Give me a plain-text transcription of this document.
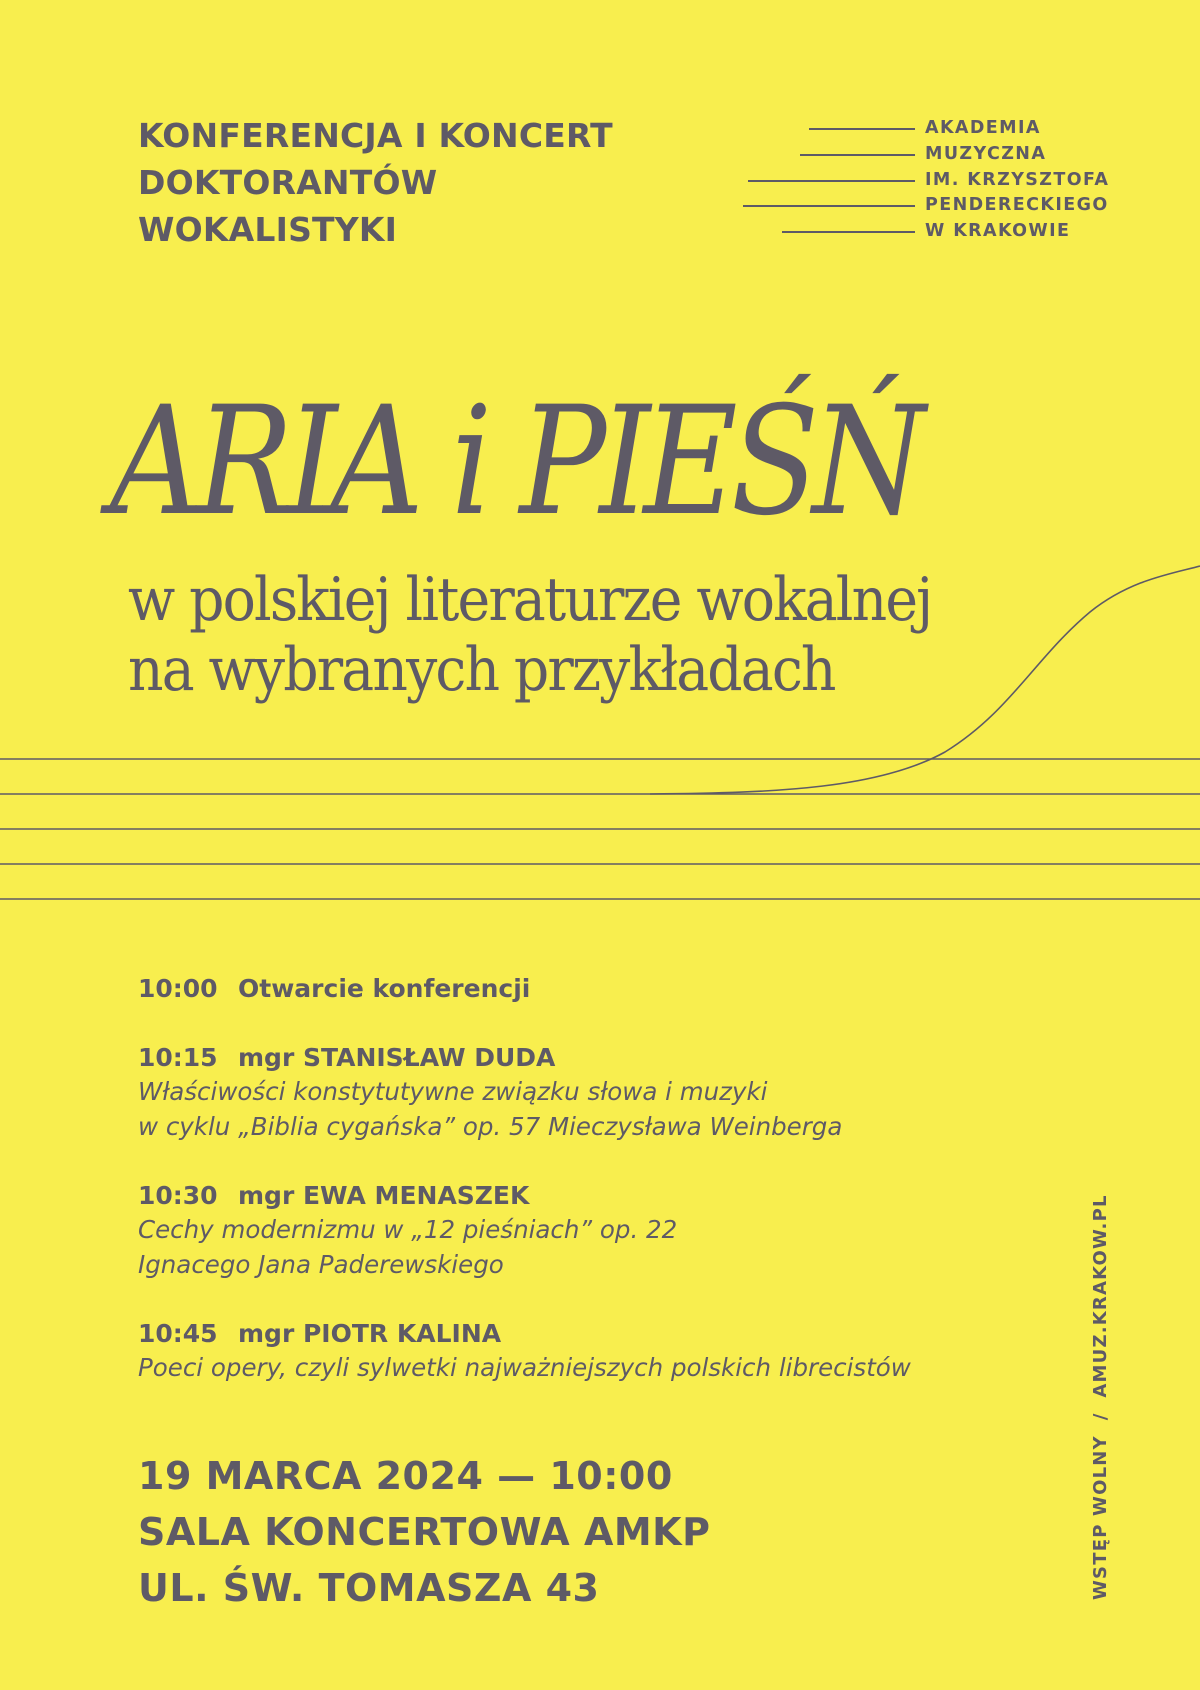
KONFERENCJA I KONCERT
DOKTORANTÓW
WOKALISTYKI
AKADEMIA
MUZYCZNA
IM. KRZYSZTOFA
PENDERECKIEGO
W KRAKOWIE
ARIA i PIEŚŃ
w polskiej literaturze wokalnej
na wybranych przykładach
10:00 Otwarcie konferencji
10:15 mgr STANISŁAW DUDA
Właściwości konstytutywne związku słowa i muzyki
w cyklu „Biblia cygańska” op. 57 Mieczysława Weinberga
10:30 mgr EWA MENASZEK
Cechy modernizmu w „12 pieśniach” op. 22
Ignacego Jana Paderewskiego
10:45 mgr PIOTR KALINA
Poeci opery, czyli sylwetki najważniejszych polskich librecistów
19 MARCA 2024 — 10:00
SALA KONCERTOWA AMKP
UL. ŚW. TOMASZA 43	WSTĘP WOLNY  /  AMUZ.KRAKOW.PL
